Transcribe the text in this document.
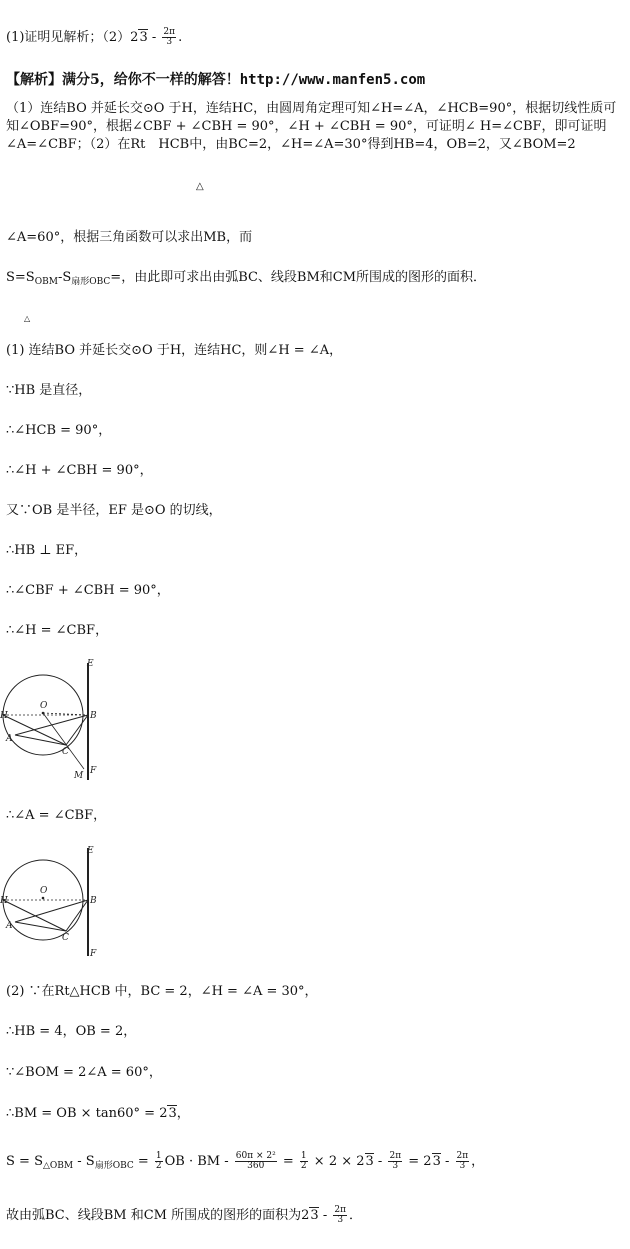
(1)证明见解析；$(2)23 - \frac{2\pi}{3}$ .
【解析】满分5，给你不一样的解答！http://www.manfen5.com
（1）连结BO 并延长交⊙O 于H，连结HC，由圆周角定理可知∠H=∠A，∠HCB=90°，根据切线性质可知∠OBF=90°，根据∠CBF + ∠CBH = 90°，∠H + ∠CBH = 90°，可证明∠ H=∠CBF，即可证明∠A=∠CBF；（2）在Rt　HCB中，由BC=2，∠H=∠A=30°得到HB=4，OB=2，又∠BOM=2
△
∠A=60°，根据三角函数可以求出MB，而
$S=S_{OBM}-S_{扇形OBC}=$，由此即可求出由弧BC、线段BM和CM所围成的图形的面积．
△
(1) 连结BO 并延长交⊙O 于H，连结HC，则∠H = ∠A，
∵HB 是直径，
∴∠HCB = 90°，
∴∠H + ∠CBH = 90°，
又∵OB 是半径，EF 是⊙O 的切线，
∴HB ⊥ EF，
∴∠CBF + ∠CBH = 90°，
∴∠H = ∠CBF，
E
H
O
B
A
C
M F
∴∠A = ∠CBF，
E
O
H	B
A
C
F
(2) ∵在Rt△HCB 中，BC = 2，∠H = ∠A = 30°，
∴HB = 4，OB = 2，
∵∠BOM = 2∠A = 60°，
∴BM = OB × tan60° = 23，
$S = S_{\triangle OBM} - S_{扇形OBC} = \frac{1}{2}$ OB · BM - $\frac{\text{60π × 2²}}{360} = \frac{1}{2} \times 2 \times 23 - \frac{2\pi}{3} = 23 - \frac{2\pi}{3}$ ，
故由弧BC、线段BM 和CM 所围成的图形的面积为$23 - \frac{2\pi}{3}$ ．
